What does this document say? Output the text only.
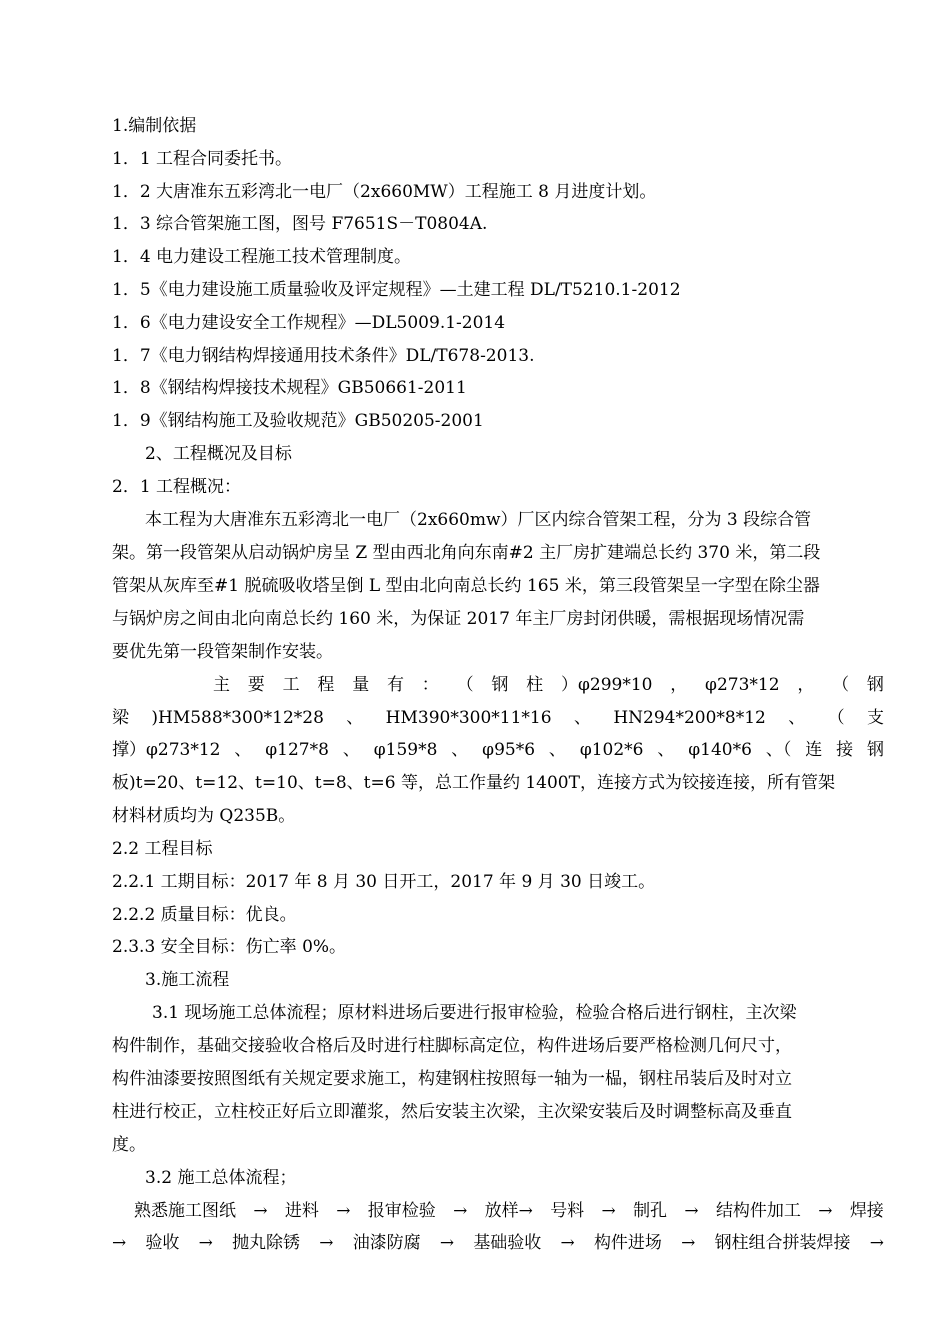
1.编制依据
1．1 工程合同委托书。
1．2 大唐准东五彩湾北一电厂（2x660MW）工程施工 8 月进度计划。
1．3 综合管架施工图，图号 F7651S－T0804A.
1．4 电力建设工程施工技术管理制度。
1．5《电力建设施工质量验收及评定规程》—土建工程 DL/T5210.1-2012
1．6《电力建设安全工作规程》—DL5009.1-2014
1．7《电力钢结构焊接通用技术条件》DL/T678-2013.
1．8《钢结构焊接技术规程》GB50661-2011
1．9《钢结构施工及验收规范》GB50205-2001
2、工程概况及目标
2．1 工程概况：
本工程为大唐准东五彩湾北一电厂（2x660mw）厂区内综合管架工程，分为 3 段综合管
架。第一段管架从启动锅炉房呈 Z 型由西北角向东南#2 主厂房扩建端总长约 370 米，第二段
管架从灰库至#1 脱硫吸收塔呈倒 L 型由北向南总长约 165 米，第三段管架呈一字型在除尘器
与锅炉房之间由北向南总长约 160 米，为保证 2017 年主厂房封闭供暖，需根据现场情况需
要优先第一段管架制作安装。
主 要 工 程 量 有 ： （ 钢 柱 ）φ299*10 ， φ273*12 ， （ 钢
梁 )HM588*300*12*28 、 HM390*300*11*16 、 HN294*200*8*12 、 （ 支
撑）φ273*12 、 φ127*8 、 φ159*8 、 φ95*6 、 φ102*6 、 φ140*6 、（ 连 接 钢
板)t=20、t=12、t=10、t=8、t=6 等，总工作量约 1400T，连接方式为铰接连接，所有管架
材料材质均为 Q235B。
2.2 工程目标
2.2.1 工期目标：2017 年 8 月 30 日开工，2017 年 9 月 30 日竣工。
2.2.2 质量目标：优良。
2.3.3 安全目标：伤亡率 0%。
3.施工流程
3.1 现场施工总体流程；原材料进场后要进行报审检验，检验合格后进行钢柱，主次梁
构件制作，基础交接验收合格后及时进行柱脚标高定位，构件进场后要严格检测几何尺寸，
构件油漆要按照图纸有关规定要求施工，构建钢柱按照每一轴为一榀，钢柱吊装后及时对立
柱进行校正，立柱校正好后立即灌浆，然后安装主次梁，主次梁安装后及时调整标高及垂直
度。
3.2 施工总体流程；
熟悉施工图纸 → 进料 → 报审检验 → 放样→ 号料 → 制孔 → 结构件加工 → 焊接
→ 验收 → 抛丸除锈 → 油漆防腐 → 基础验收 → 构件进场 → 钢柱组合拼装焊接 →
